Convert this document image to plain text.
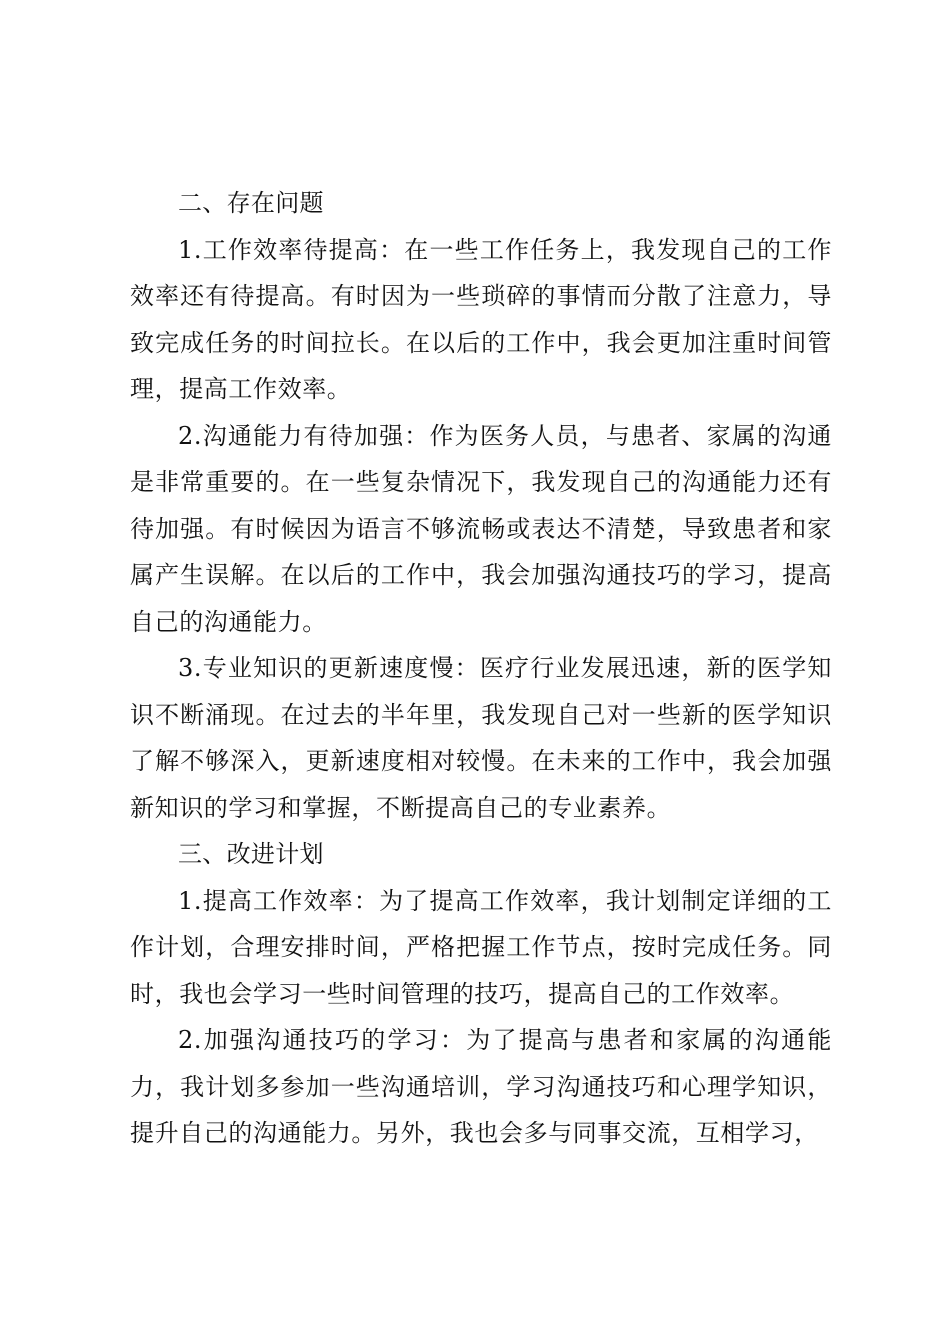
二、存在问题

1.工作效率待提高：在一些工作任务上，我发现自己的工作效率还有待提高。有时因为一些琐碎的事情而分散了注意力，导致完成任务的时间拉长。在以后的工作中，我会更加注重时间管理，提高工作效率。

2.沟通能力有待加强：作为医务人员，与患者、家属的沟通是非常重要的。在一些复杂情况下，我发现自己的沟通能力还有待加强。有时候因为语言不够流畅或表达不清楚，导致患者和家属产生误解。在以后的工作中，我会加强沟通技巧的学习，提高自己的沟通能力。

3.专业知识的更新速度慢：医疗行业发展迅速，新的医学知识不断涌现。在过去的半年里，我发现自己对一些新的医学知识了解不够深入，更新速度相对较慢。在未来的工作中，我会加强新知识的学习和掌握，不断提高自己的专业素养。

三、改进计划

1.提高工作效率：为了提高工作效率，我计划制定详细的工作计划，合理安排时间，严格把握工作节点，按时完成任务。同时，我也会学习一些时间管理的技巧，提高自己的工作效率。

2.加强沟通技巧的学习：为了提高与患者和家属的沟通能力，我计划多参加一些沟通培训，学习沟通技巧和心理学知识，提升自己的沟通能力。另外，我也会多与同事交流，互相学习，
